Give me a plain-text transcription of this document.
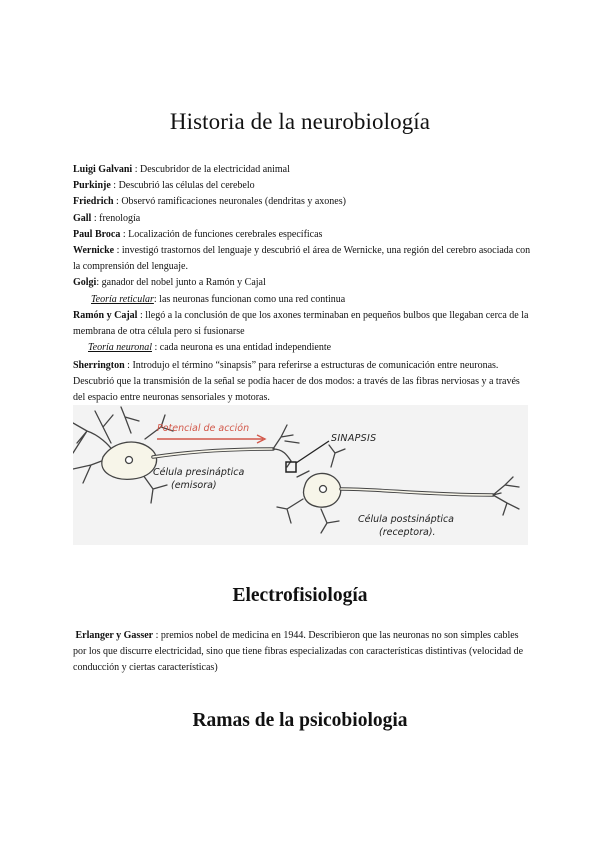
Historia de la neurobiología
Luigi Galvani : Descubridor de la electricidad animal
Purkinje : Descubrió las células del cerebelo
Friedrich : Observó ramificaciones neuronales (dendritas y axones)
Gall : frenología
Paul Broca : Localización de funciones cerebrales específicas
Wernicke : investigó trastornos del lenguaje y descubrió el área de Wernicke, una región del cerebro asociada con la comprensión del lenguaje.
Golgi: ganador del nobel junto a Ramón y Cajal
Teoría reticular: las neuronas funcionan como una red continua
Ramón y Cajal : llegó a la conclusión de que los axones terminaban en pequeños bulbos que llegaban cerca de la membrana de otra célula pero si fusionarse
Teoría neuronal : cada neurona es una entidad independiente
Sherrington : Introdujo el término “sinapsis” para referirse a estructuras de comunicación entre neuronas. Descubrió que la transmisión de la señal se podía hacer de dos modos: a través de las fibras nerviosas y a través del espacio entre neuronas sensoriales y motoras.
Potencial de acción
SINAPSIS
Célula presináptica
(emisora)
Célula postsináptica
(receptora).
Electrofisiología
Erlanger y Gasser : premios nobel de medicina en 1944. Describieron que las neuronas no son simples cables por los que discurre electricidad, sino que tiene fibras especializadas con características distintivas (velocidad de conducción y ciertas características)
Ramas de la psicobiologia
